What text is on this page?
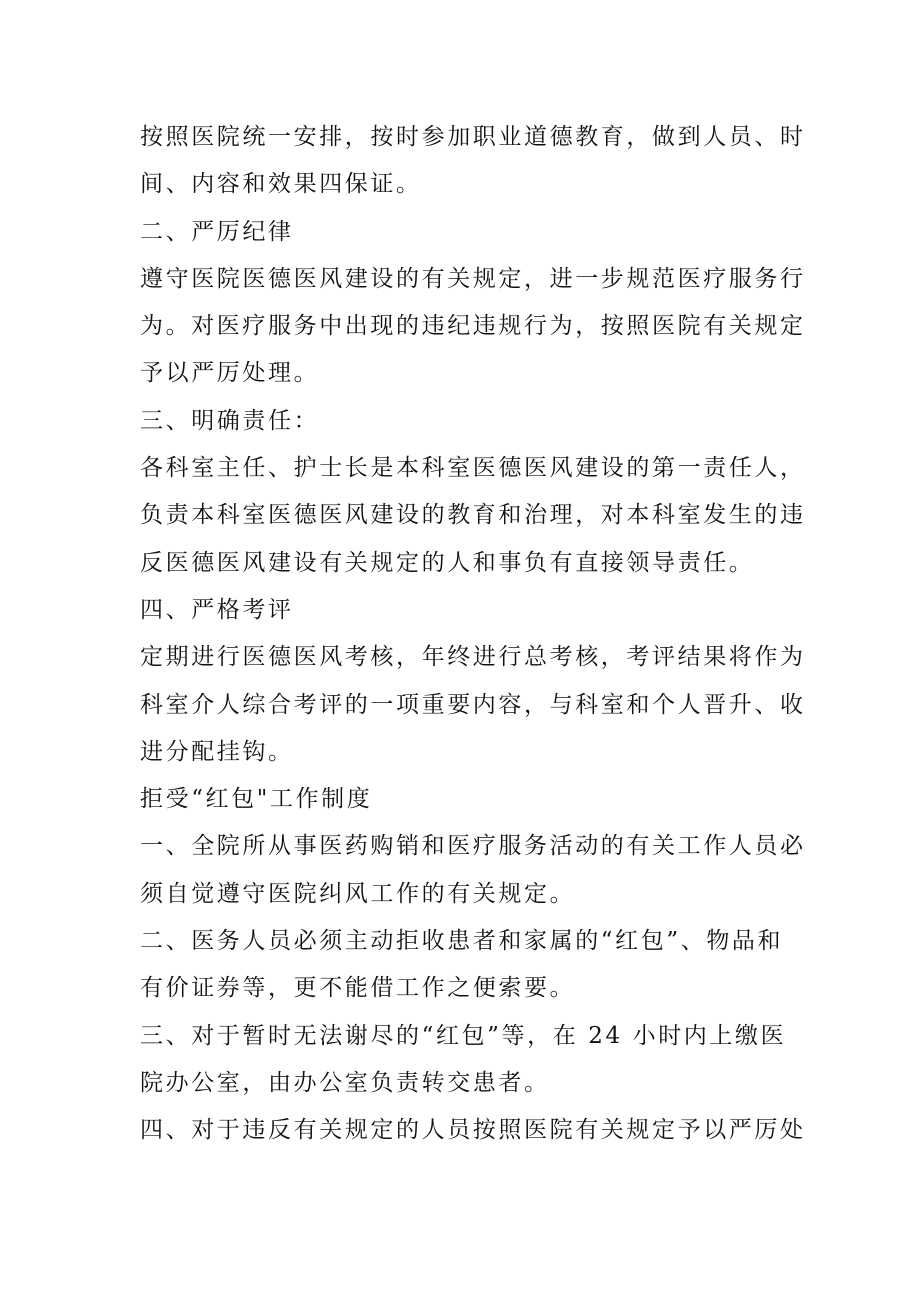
按照医院统一安排，按时参加职业道德教育，做到人员、时
间、内容和效果四保证。
二、严厉纪律
遵守医院医德医风建设的有关规定，进一步规范医疗服务行
为。对医疗服务中出现的违纪违规行为，按照医院有关规定
予以严厉处理。
三、明确责任：
各科室主任、护士长是本科室医德医风建设的第一责任人，
负责本科室医德医风建设的教育和治理，对本科室发生的违
反医德医风建设有关规定的人和事负有直接领导责任。
四、严格考评
定期进行医德医风考核，年终进行总考核，考评结果将作为
科室介人综合考评的一项重要内容，与科室和个人晋升、收
进分配挂钩。
拒受“红包"工作制度
一、全院所从事医药购销和医疗服务活动的有关工作人员必
须自觉遵守医院纠风工作的有关规定。
二、医务人员必须主动拒收患者和家属的“红包”、物品和
有价证券等，更不能借工作之便索要。
三、对于暂时无法谢尽的“红包”等，在 24 小时内上缴医
院办公室，由办公室负责转交患者。
四、对于违反有关规定的人员按照医院有关规定予以严厉处
